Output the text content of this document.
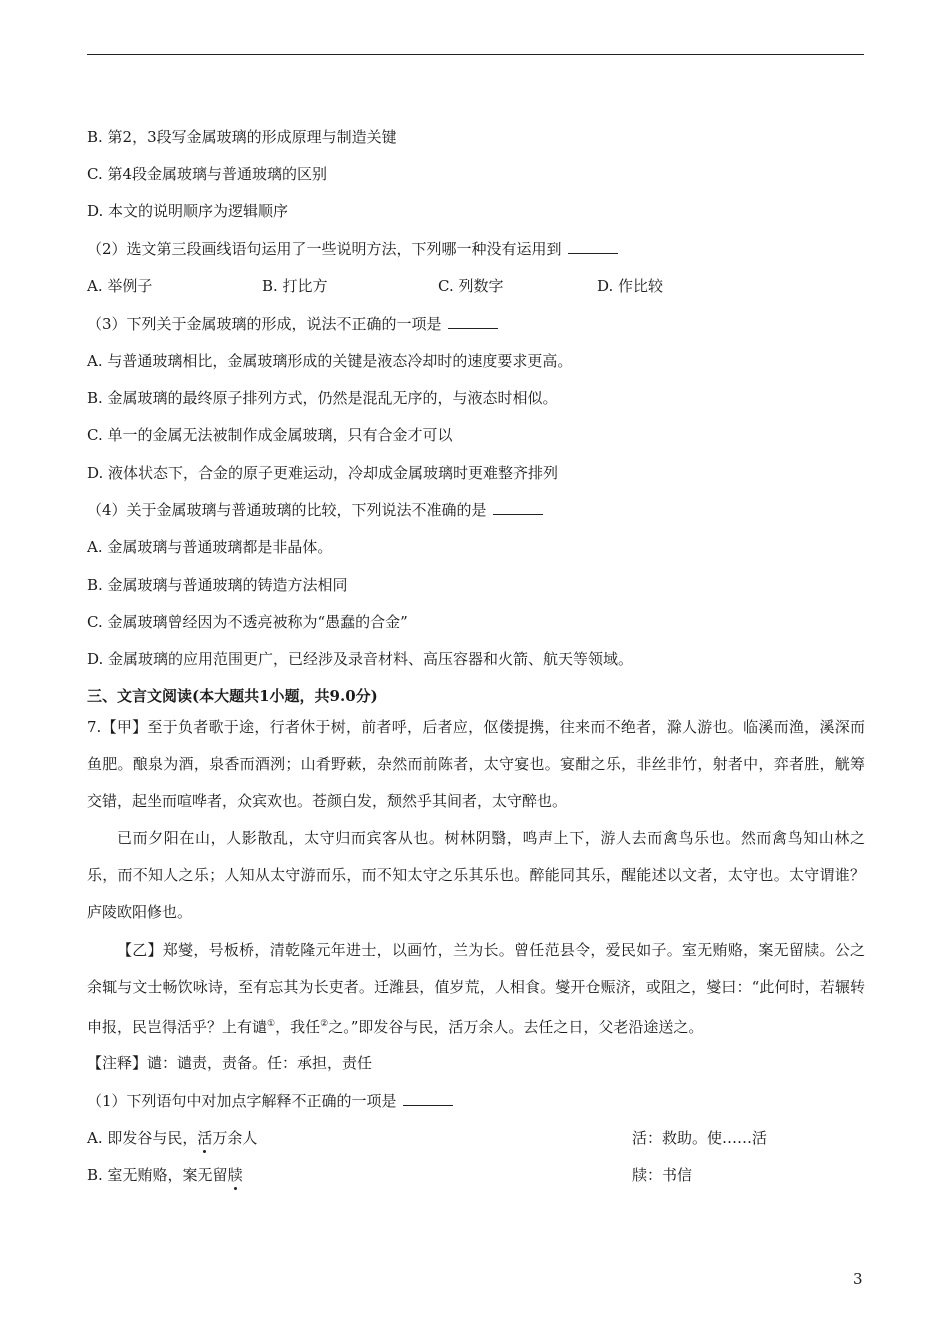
B. 第2，3段写金属玻璃的形成原理与制造关键
C. 第4段金属玻璃与普通玻璃的区别
D. 本文的说明顺序为逻辑顺序
（2）选文第三段画线语句运用了一些说明方法，下列哪一种没有运用到
A. 举例子	B. 打比方	C. 列数字	D. 作比较
（3）下列关于金属玻璃的形成，说法不正确的一项是
A. 与普通玻璃相比，金属玻璃形成的关键是液态冷却时的速度要求更高。
B. 金属玻璃的最终原子排列方式，仍然是混乱无序的，与液态时相似。
C. 单一的金属无法被制作成金属玻璃，只有合金才可以
D. 液体状态下，合金的原子更难运动，冷却成金属玻璃时更难整齐排列
（4）关于金属玻璃与普通玻璃的比较，下列说法不准确的是
A. 金属玻璃与普通玻璃都是非晶体。
B. 金属玻璃与普通玻璃的铸造方法相同
C. 金属玻璃曾经因为不透亮被称为“愚蠢的合金”
D. 金属玻璃的应用范围更广，已经涉及录音材料、高压容器和火箭、航天等领域。
三、文言文阅读(本大题共1小题，共9.0分)
7.【甲】至于负者歌于途，行者休于树，前者呼，后者应，伛偻提携，往来而不绝者，滁人游也。临溪而渔，溪深而鱼肥。酿泉为酒，泉香而酒洌；山肴野蔌，杂然而前陈者，太守宴也。宴酣之乐，非丝非竹，射者中，弈者胜，觥筹交错，起坐而喧哗者，众宾欢也。苍颜白发，颓然乎其间者，太守醉也。
已而夕阳在山，人影散乱，太守归而宾客从也。树林阴翳，鸣声上下，游人去而禽鸟乐也。然而禽鸟知山林之乐，而不知人之乐；人知从太守游而乐，而不知太守之乐其乐也。醉能同其乐，醒能述以文者，太守也。太守谓谁？庐陵欧阳修也。
【乙】郑燮，号板桥，清乾隆元年进士，以画竹，兰为长。曾任范县令，爱民如子。室无贿赂，案无留牍。公之余辄与文士畅饮咏诗，至有忘其为长吏者。迁潍县，值岁荒，人相食。燮开仓赈济，或阻之，燮曰：“此何时，若辗转申报，民岂得活乎？上有谴①，我任②之。”即发谷与民，活万余人。去任之日，父老沿途送之。
【注释】谴：谴责，责备。任：承担，责任
（1）下列语句中对加点字解释不正确的一项是
A. 即发谷与民，活万余人	活：救助。使……活
B. 室无贿赂，案无留牍	牍：书信
3
